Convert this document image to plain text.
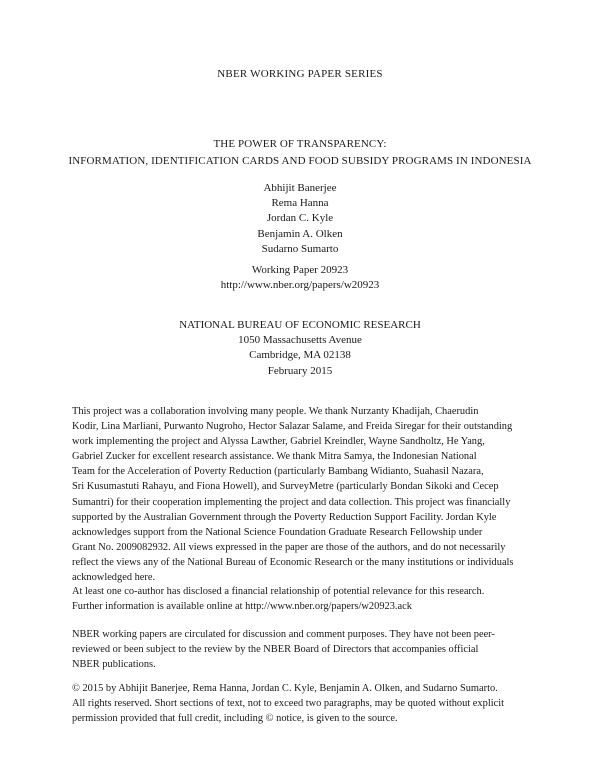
NBER WORKING PAPER SERIES
THE POWER OF TRANSPARENCY:
INFORMATION, IDENTIFICATION CARDS AND FOOD SUBSIDY PROGRAMS IN INDONESIA
Abhijit Banerjee
Rema Hanna
Jordan C. Kyle
Benjamin A. Olken
Sudarno Sumarto
Working Paper 20923
http://www.nber.org/papers/w20923
NATIONAL BUREAU OF ECONOMIC RESEARCH
1050 Massachusetts Avenue
Cambridge, MA 02138
February 2015

This project was a collaboration involving many people. We thank Nurzanty Khadijah, Chaerudin
Kodir, Lina Marliani, Purwanto Nugroho, Hector Salazar Salame, and Freida Siregar for their outstanding
work implementing the project and Alyssa Lawther, Gabriel Kreindler, Wayne Sandholtz, He Yang,
Gabriel Zucker for excellent research assistance. We thank Mitra Samya, the Indonesian National
Team for the Acceleration of Poverty Reduction (particularly Bambang Widianto, Suahasil Nazara,
Sri Kusumastuti Rahayu, and Fiona Howell), and SurveyMetre (particularly Bondan Sikoki and Cecep
Sumantri) for their cooperation implementing the project and data collection. This project was financially
supported by the Australian Government through the Poverty Reduction Support Facility. Jordan Kyle
acknowledges support from the National Science Foundation Graduate Research Fellowship under
Grant No. 2009082932. All views expressed in the paper are those of the authors, and do not necessarily
reflect the views any of the National Bureau of Economic Research or the many institutions or individuals
acknowledged here.

At least one co-author has disclosed a financial relationship of potential relevance for this research.
Further information is available online at http://www.nber.org/papers/w20923.ack

NBER working papers are circulated for discussion and comment purposes. They have not been peer-
reviewed or been subject to the review by the NBER Board of Directors that accompanies official
NBER publications.

© 2015 by Abhijit Banerjee, Rema Hanna, Jordan C. Kyle, Benjamin A. Olken, and Sudarno Sumarto.
All rights reserved. Short sections of text, not to exceed two paragraphs, may be quoted without explicit
permission provided that full credit, including © notice, is given to the source.
